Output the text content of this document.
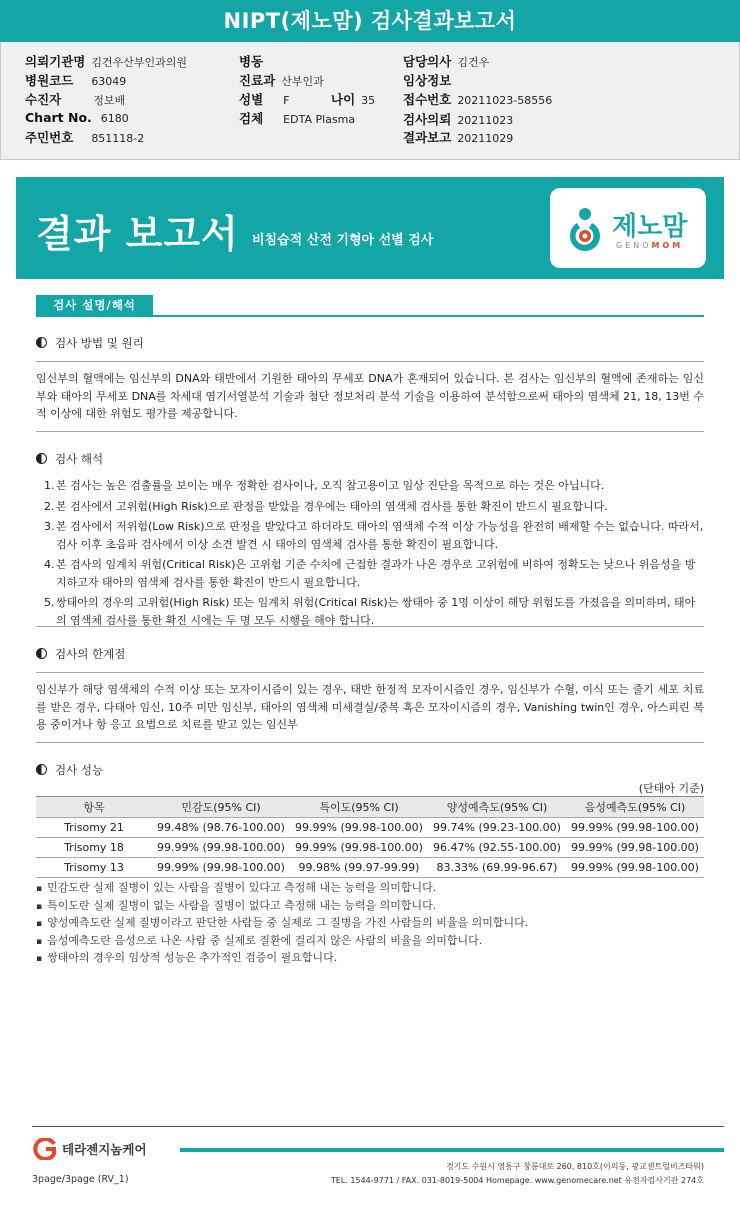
NIPT(제노맘) 검사결과보고서
의뢰기관명 김건우산부인과의원
병원코드 63049
수진자	정보배
Chart No. 6180
주민번호 851118-2
병동
진료과 산부인과
성별 F	나이 35
검체 EDTA Plasma
담당의사 김건우
임상정보
접수번호 20211023-58556
검사의뢰 20211023
결과보고 20211029
결과 보고서 비침습적 산전 기형아 선별 검사	제노맘
GENOMOM
검사 설명/해석
검사 방법 및 원리
임신부의 혈액에는 임신부의 DNA와 태반에서 기원한 태아의 무세포 DNA가 혼재되어 있습니다. 본 검사는 임신부의 혈액에 존재하는 임신부와 태아의 무세포 DNA를 차세대 염기서열분석 기술과 첨단 정보처리 분석 기술을 이용하여 분석함으로써 태아의 염색체 21, 18, 13번 수적 이상에 대한 위험도 평가를 제공합니다.
검사 해석
1. 본 검사는 높은 검출률을 보이는 매우 정확한 검사이나, 오직 참고용이고 임상 진단을 목적으로 하는 것은 아닙니다.
2. 본 검사에서 고위험(High Risk)으로 판정을 받았을 경우에는 태아의 염색체 검사를 통한 확진이 반드시 필요합니다.
3. 본 검사에서 저위험(Low Risk)으로 판정을 받았다고 하더라도 태아의 염색체 수적 이상 가능성을 완전히 배제할 수는 없습니다. 따라서, 검사 이후 초음파 검사에서 이상 소견 발견 시 태아의 염색체 검사를 통한 확진이 필요합니다.
4. 본 검사의 임계치 위험(Critical Risk)은 고위험 기준 수치에 근접한 결과가 나온 경우로 고위험에 비하여 정확도는 낮으나 위음성을 방지하고자 태아의 염색체 검사를 통한 확진이 반드시 필요합니다.
5. 쌍태아의 경우의 고위험(High Risk) 또는 임계치 위험(Critical Risk)는 쌍태아 중 1명 이상이 해당 위험도를 가졌음을 의미하며, 태아의 염색체 검사를 통한 확진 시에는 두 명 모두 시행을 해야 합니다.
검사의 한계점
임신부가 해당 염색체의 수적 이상 또는 모자이시즘이 있는 경우, 태반 한정적 모자이시즘인 경우, 임신부가 수혈, 이식 또는 줄기 세포 치료를 받은 경우, 다태아 임신, 10주 미만 임신부, 태아의 염색체 미세결실/중복 혹은 모자이시즘의 경우, Vanishing twin인 경우, 아스피린 복용 중이거나 항 응고 요법으로 치료를 받고 있는 임신부
검사 성능
(단태아 기준)
항목	민감도(95% CI)	특이도(95% CI)	양성예측도(95% CI)	음성예측도(95% CI)
Trisomy 21	99.48% (98.76-100.00)	99.99% (99.98-100.00)	99.74% (99.23-100.00)	99.99% (99.98-100.00)
Trisomy 18	99.99% (99.98-100.00)	99.99% (99.98-100.00)	96.47% (92.55-100.00)	99.99% (99.98-100.00)
Trisomy 13	99.99% (99.98-100.00)	99.98% (99.97-99.99)	83.33% (69.99-96.67)	99.99% (99.98-100.00)
▪ 민감도란 실제 질병이 있는 사람을 질병이 있다고 측정해 내는 능력을 의미합니다.
▪ 특이도란 실제 질병이 없는 사람을 질병이 없다고 측정해 내는 능력을 의미합니다.
▪ 양성예측도란 실제 질병이라고 판단한 사람들 중 실제로 그 질병을 가진 사람들의 비율을 의미합니다.
▪ 음성예측도란 음성으로 나온 사람 중 실제로 질환에 걸리지 않은 사람의 비율을 의미합니다.
▪ 쌍태아의 경우의 임상적 성능은 추가적인 검증이 필요합니다.
테라젠지놈케어
3page/3page (RV_1)
경기도 수원시 영통구 창룡대로 260, 810호(이의동, 광교센트럴비즈타워)
TEL. 1544-9771 / FAX. 031-8019-5004 Homepage. www.genomecare.net 유전자검사기관 274호
